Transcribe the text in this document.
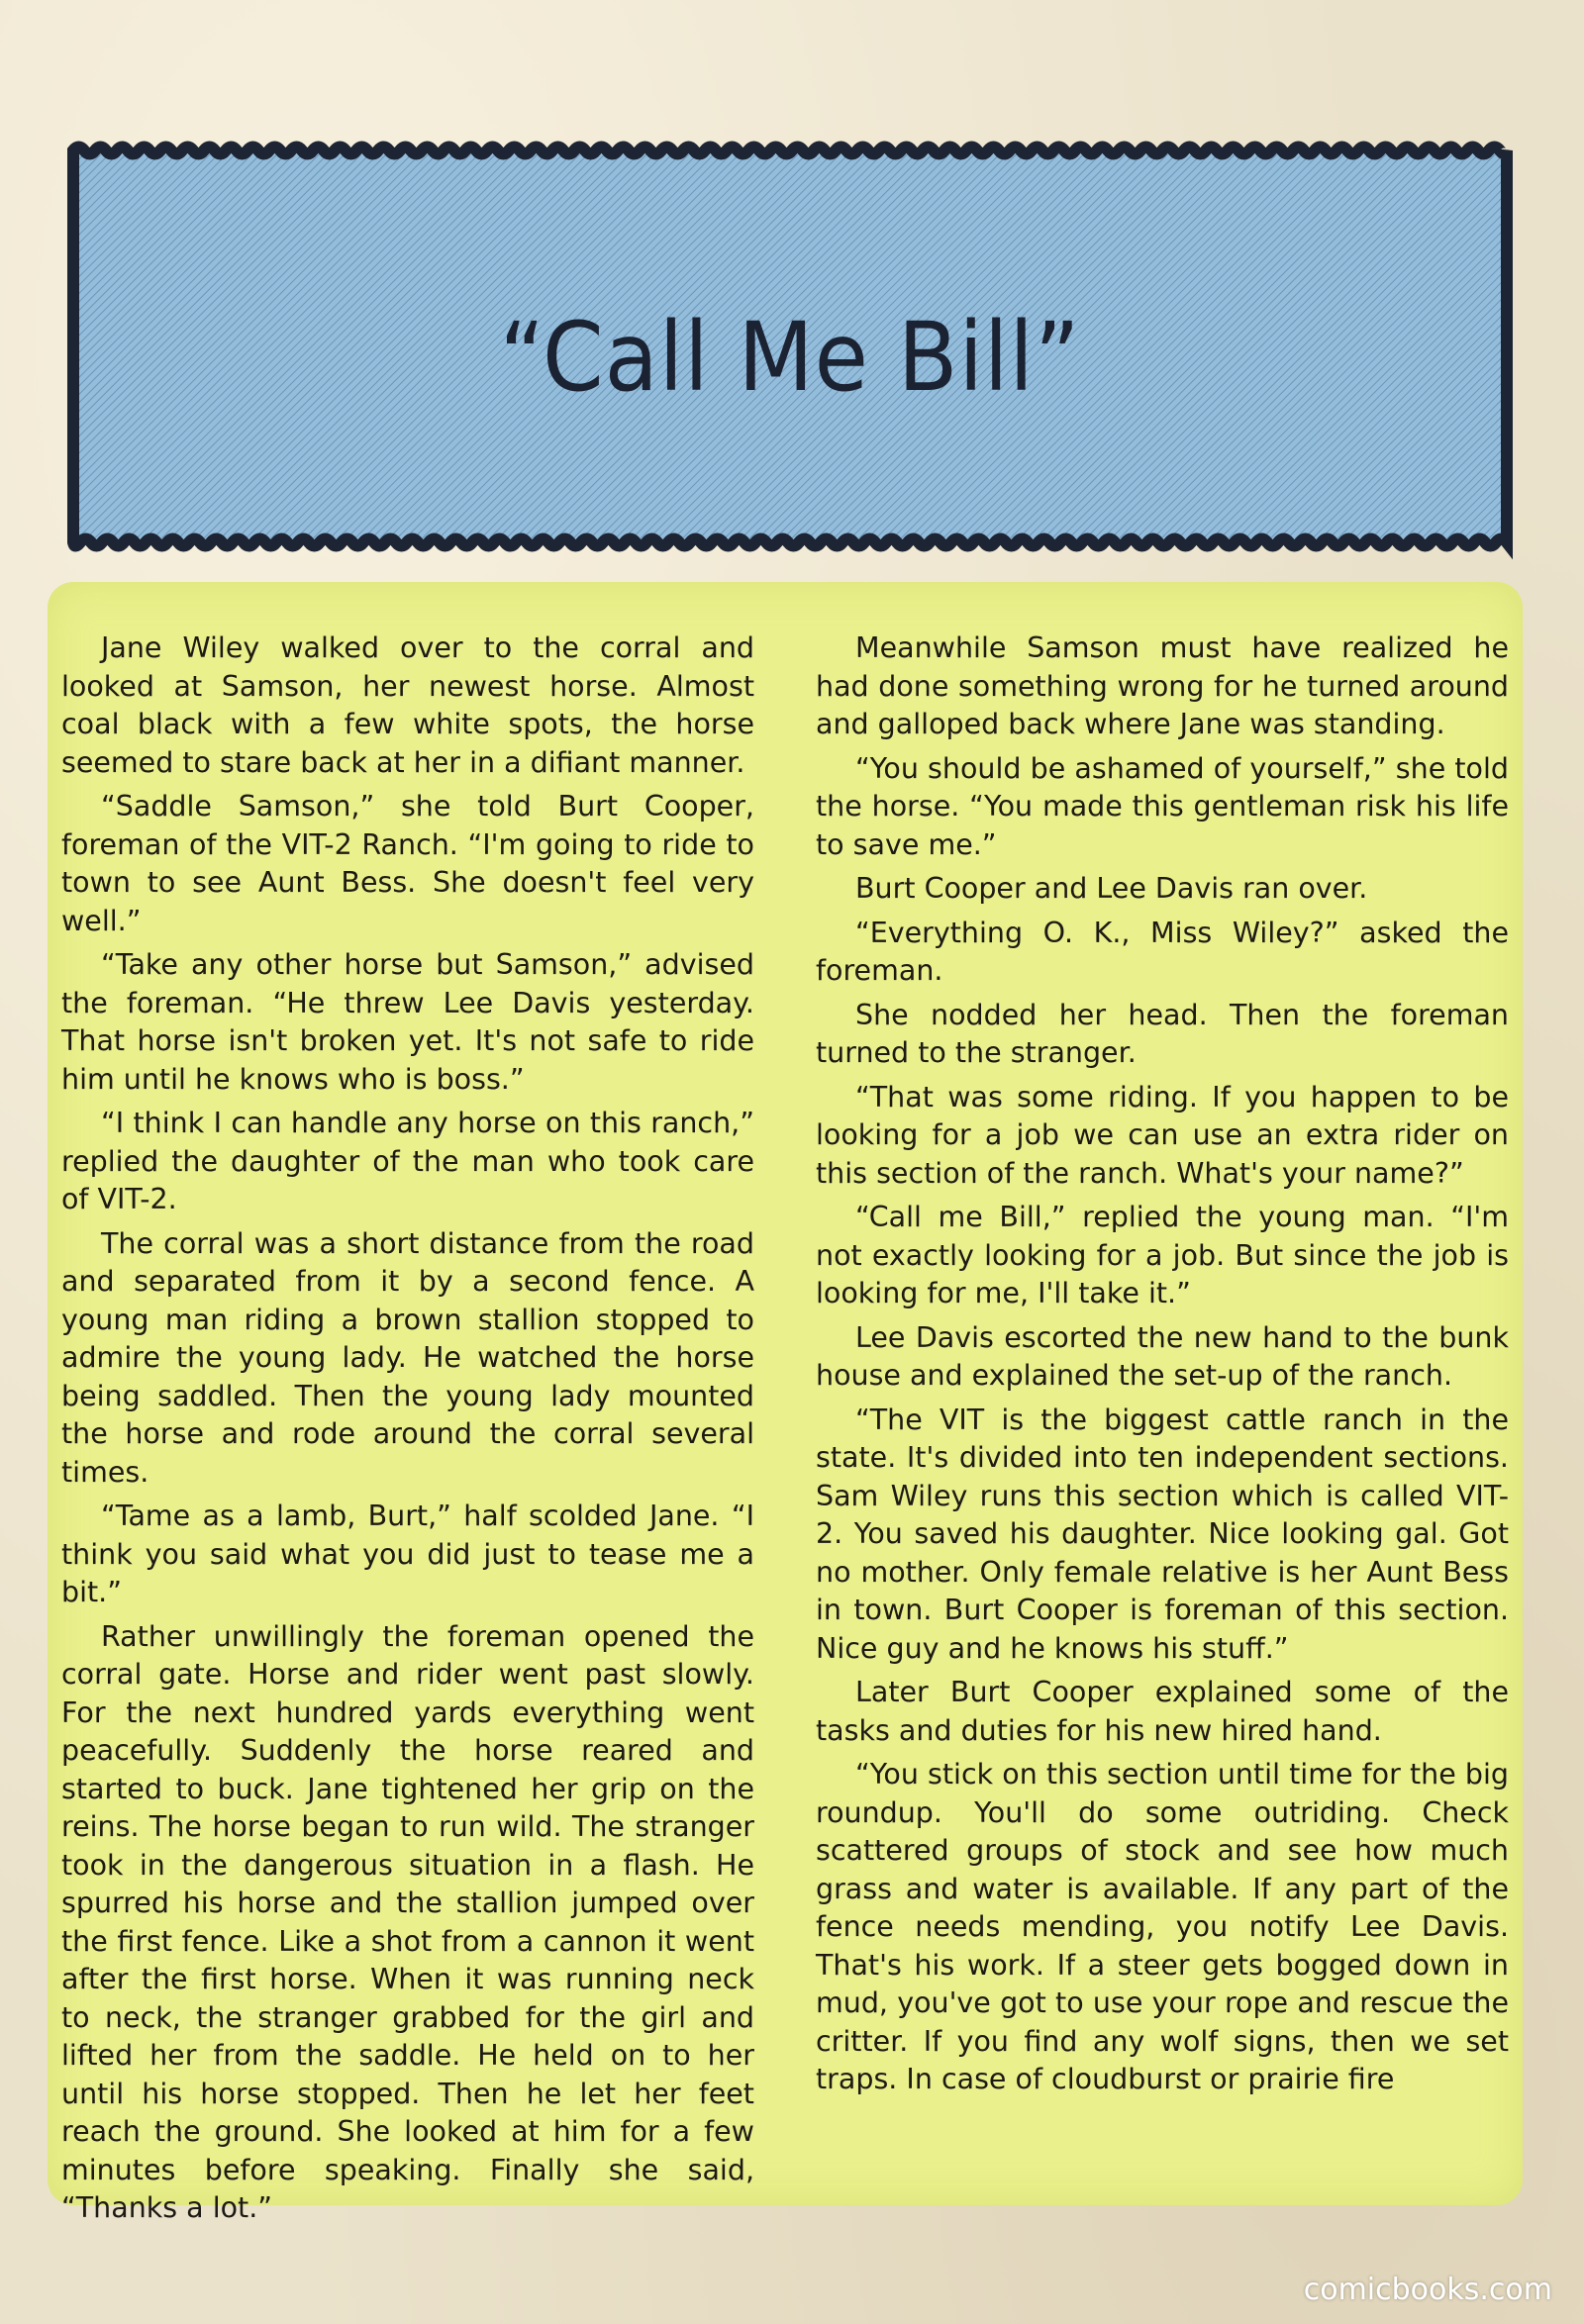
“Call Me Bill”

Jane Wiley walked over to the corral and looked at Samson, her newest horse. Almost coal black with a few white spots, the horse seemed to stare back at her in a difiant manner.

“Saddle Samson,” she told Burt Cooper, foreman of the VIT-2 Ranch. “I'm going to ride to town to see Aunt Bess. She doesn't feel very well.”

“Take any other horse but Samson,” advised the foreman. “He threw Lee Davis yesterday. That horse isn't broken yet. It's not safe to ride him until he knows who is boss.”

“I think I can handle any horse on this ranch,” replied the daughter of the man who took care of VIT-2.

The corral was a short distance from the road and separated from it by a second fence. A young man riding a brown stallion stopped to admire the young lady. He watched the horse being saddled. Then the young lady mounted the horse and rode around the corral several times.

“Tame as a lamb, Burt,” half scolded Jane. “I think you said what you did just to tease me a bit.”

Rather unwillingly the foreman opened the corral gate. Horse and rider went past slowly. For the next hundred yards everything went peacefully. Suddenly the horse reared and started to buck. Jane tightened her grip on the reins. The horse began to run wild. The stranger took in the dangerous situation in a flash. He spurred his horse and the stallion jumped over the first fence. Like a shot from a cannon it went after the first horse. When it was running neck to neck, the stranger grabbed for the girl and lifted her from the saddle. He held on to her until his horse stopped. Then he let her feet reach the ground. She looked at him for a few minutes before speaking. Finally she said, “Thanks a lot.”

Meanwhile Samson must have realized he had done something wrong for he turned around and galloped back where Jane was standing.

“You should be ashamed of yourself,” she told the horse. “You made this gentleman risk his life to save me.”

Burt Cooper and Lee Davis ran over.

“Everything O. K., Miss Wiley?” asked the foreman.

She nodded her head. Then the foreman turned to the stranger.

“That was some riding. If you happen to be looking for a job we can use an extra rider on this section of the ranch. What's your name?”

“Call me Bill,” replied the young man. “I'm not exactly looking for a job. But since the job is looking for me, I'll take it.”

Lee Davis escorted the new hand to the bunk house and explained the set-up of the ranch.

“The VIT is the biggest cattle ranch in the state. It's divided into ten independent sections. Sam Wiley runs this section which is called VIT-2. You saved his daughter. Nice looking gal. Got no mother. Only female relative is her Aunt Bess in town. Burt Cooper is foreman of this section. Nice guy and he knows his stuff.”

Later Burt Cooper explained some of the tasks and duties for his new hired hand.

“You stick on this section until time for the big roundup. You'll do some outriding. Check scattered groups of stock and see how much grass and water is available. If any part of the fence needs mending, you notify Lee Davis. That's his work. If a steer gets bogged down in mud, you've got to use your rope and rescue the critter. If you find any wolf signs, then we set traps. In case of cloudburst or prairie fire

comicbooks.com
